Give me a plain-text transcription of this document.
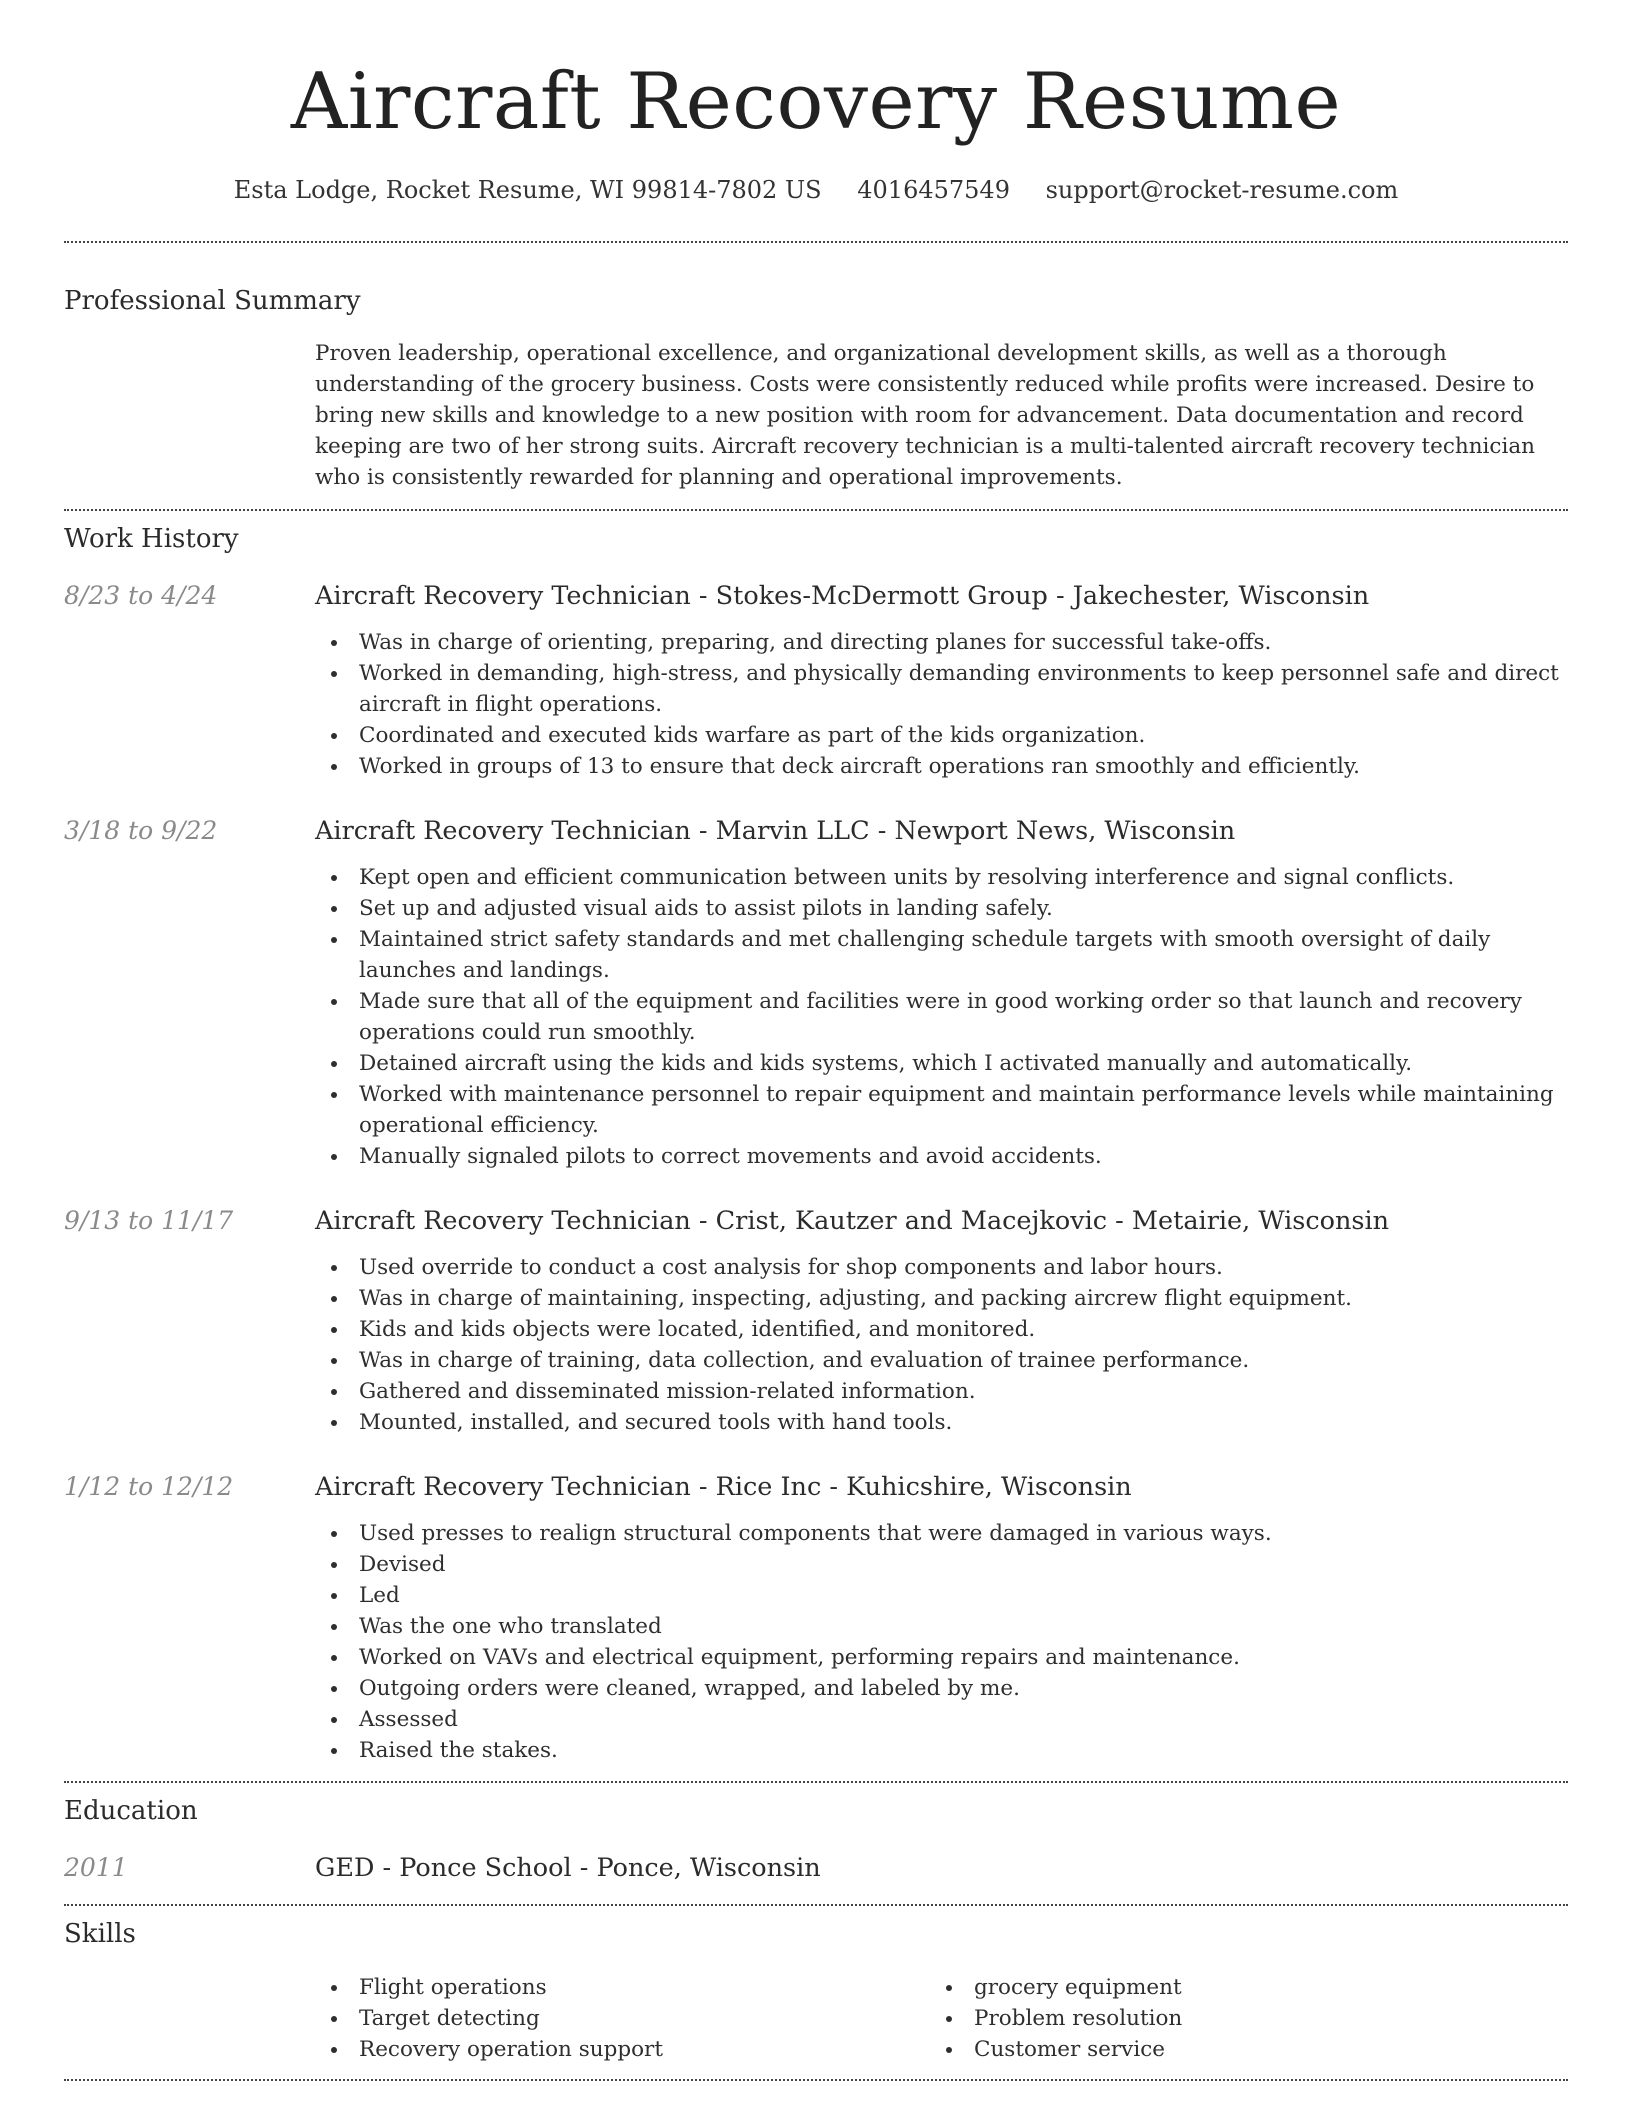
Aircraft Recovery Resume
Esta Lodge, Rocket Resume, WI 99814-7802 US 4016457549 support@rocket-resume.com
Professional Summary
Proven leadership, operational excellence, and organizational development skills, as well as a thorough understanding of the grocery business. Costs were consistently reduced while profits were increased. Desire to bring new skills and knowledge to a new position with room for advancement. Data documentation and record keeping are two of her strong suits. Aircraft recovery technician is a multi-talented aircraft recovery technician who is consistently rewarded for planning and operational improvements.
Work History
8/23 to 4/24	Aircraft Recovery Technician - Stokes-McDermott Group - Jakechester, Wisconsin
Was in charge of orienting, preparing, and directing planes for successful take-offs.
Worked in demanding, high-stress, and physically demanding environments to keep personnel safe and direct aircraft in flight operations.
Coordinated and executed kids warfare as part of the kids organization.
Worked in groups of 13 to ensure that deck aircraft operations ran smoothly and efficiently.
3/18 to 9/22	Aircraft Recovery Technician - Marvin LLC - Newport News, Wisconsin
Kept open and efficient communication between units by resolving interference and signal conflicts.
Set up and adjusted visual aids to assist pilots in landing safely.
Maintained strict safety standards and met challenging schedule targets with smooth oversight of daily launches and landings.
Made sure that all of the equipment and facilities were in good working order so that launch and recovery operations could run smoothly.
Detained aircraft using the kids and kids systems, which I activated manually and automatically.
Worked with maintenance personnel to repair equipment and maintain performance levels while maintaining operational efficiency.
Manually signaled pilots to correct movements and avoid accidents.
9/13 to 11/17	Aircraft Recovery Technician - Crist, Kautzer and Macejkovic - Metairie, Wisconsin
Used override to conduct a cost analysis for shop components and labor hours.
Was in charge of maintaining, inspecting, adjusting, and packing aircrew flight equipment.
Kids and kids objects were located, identified, and monitored.
Was in charge of training, data collection, and evaluation of trainee performance.
Gathered and disseminated mission-related information.
Mounted, installed, and secured tools with hand tools.
1/12 to 12/12	Aircraft Recovery Technician - Rice Inc - Kuhicshire, Wisconsin
Used presses to realign structural components that were damaged in various ways.
Devised
Led
Was the one who translated
Worked on VAVs and electrical equipment, performing repairs and maintenance.
Outgoing orders were cleaned, wrapped, and labeled by me.
Assessed
Raised the stakes.
Education
2011	GED - Ponce School - Ponce, Wisconsin
Skills
Flight operations
Target detecting
Recovery operation support
grocery equipment
Problem resolution
Customer service
